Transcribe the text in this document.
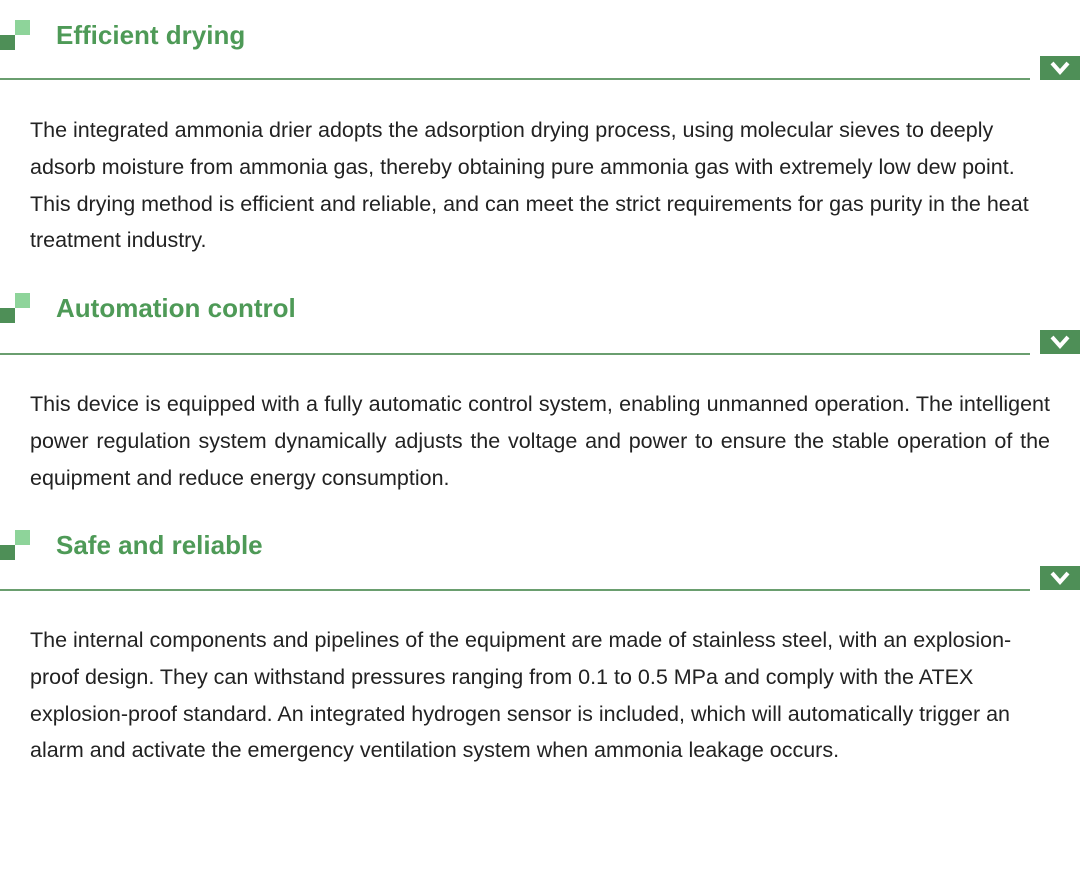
Efficient drying

The integrated ammonia drier adopts the adsorption drying process, using molecular sieves to deeply adsorb moisture from ammonia gas, thereby obtaining pure ammonia gas with extremely low dew point. This drying method is efficient and reliable, and can meet the strict requirements for gas purity in the heat treatment industry.

Automation control

This device is equipped with a fully automatic control system, enabling unmanned operation. The intelligent power regulation system dynamically adjusts the voltage and power to ensure the stable operation of the equipment and reduce energy consumption.

Safe and reliable

The internal components and pipelines of the equipment are made of stainless steel, with an explosion-proof design. They can withstand pressures ranging from 0.1 to 0.5 MPa and comply with the ATEX explosion-proof standard. An integrated hydrogen sensor is included, which will automatically trigger an alarm and activate the emergency ventilation system when ammonia leakage occurs.
